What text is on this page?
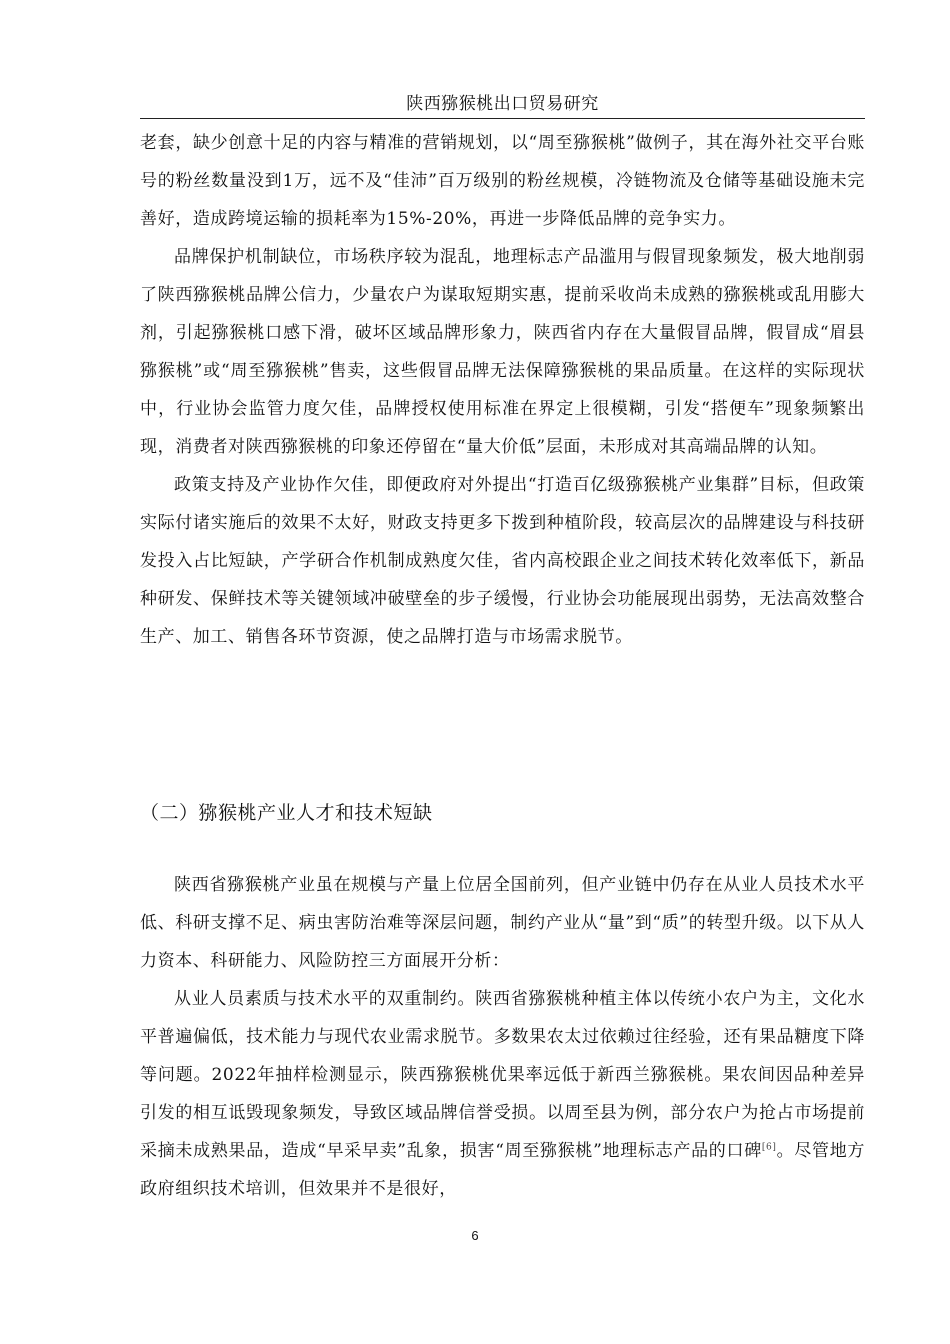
陕西猕猴桃出口贸易研究

老套，缺少创意十足的内容与精准的营销规划，以“周至猕猴桃”做例子，其在海外社交平台账号的粉丝数量没到1万，远不及“佳沛”百万级别的粉丝规模，冷链物流及仓储等基础设施未完善好，造成跨境运输的损耗率为15%-20%，再进一步降低品牌的竞争实力。

品牌保护机制缺位，市场秩序较为混乱，地理标志产品滥用与假冒现象频发，极大地削弱了陕西猕猴桃品牌公信力，少量农户为谋取短期实惠，提前采收尚未成熟的猕猴桃或乱用膨大剂，引起猕猴桃口感下滑，破坏区域品牌形象力，陕西省内存在大量假冒品牌，假冒成“眉县猕猴桃”或“周至猕猴桃”售卖，这些假冒品牌无法保障猕猴桃的果品质量。在这样的实际现状中，行业协会监管力度欠佳，品牌授权使用标准在界定上很模糊，引发“搭便车”现象频繁出现，消费者对陕西猕猴桃的印象还停留在“量大价低”层面，未形成对其高端品牌的认知。

政策支持及产业协作欠佳，即便政府对外提出“打造百亿级猕猴桃产业集群”目标，但政策实际付诸实施后的效果不太好，财政支持更多下拨到种植阶段，较高层次的品牌建设与科技研发投入占比短缺，产学研合作机制成熟度欠佳，省内高校跟企业之间技术转化效率低下，新品种研发、保鲜技术等关键领域冲破壁垒的步子缓慢，行业协会功能展现出弱势，无法高效整合生产、加工、销售各环节资源，使之品牌打造与市场需求脱节。

（二）猕猴桃产业人才和技术短缺

陕西省猕猴桃产业虽在规模与产量上位居全国前列，但产业链中仍存在从业人员技术水平低、科研支撑不足、病虫害防治难等深层问题，制约产业从“量”到“质”的转型升级。以下从人力资本、科研能力、风险防控三方面展开分析：

从业人员素质与技术水平的双重制约。陕西省猕猴桃种植主体以传统小农户为主，文化水平普遍偏低，技术能力与现代农业需求脱节。多数果农太过依赖过往经验，还有果品糖度下降等问题。2022年抽样检测显示，陕西猕猴桃优果率远低于新西兰猕猴桃。果农间因品种差异引发的相互诋毁现象频发，导致区域品牌信誉受损。以周至县为例，部分农户为抢占市场提前采摘未成熟果品，造成“早采早卖”乱象，损害“周至猕猴桃”地理标志产品的口碑[6]。尽管地方政府组织技术培训，但效果并不是很好，

6
